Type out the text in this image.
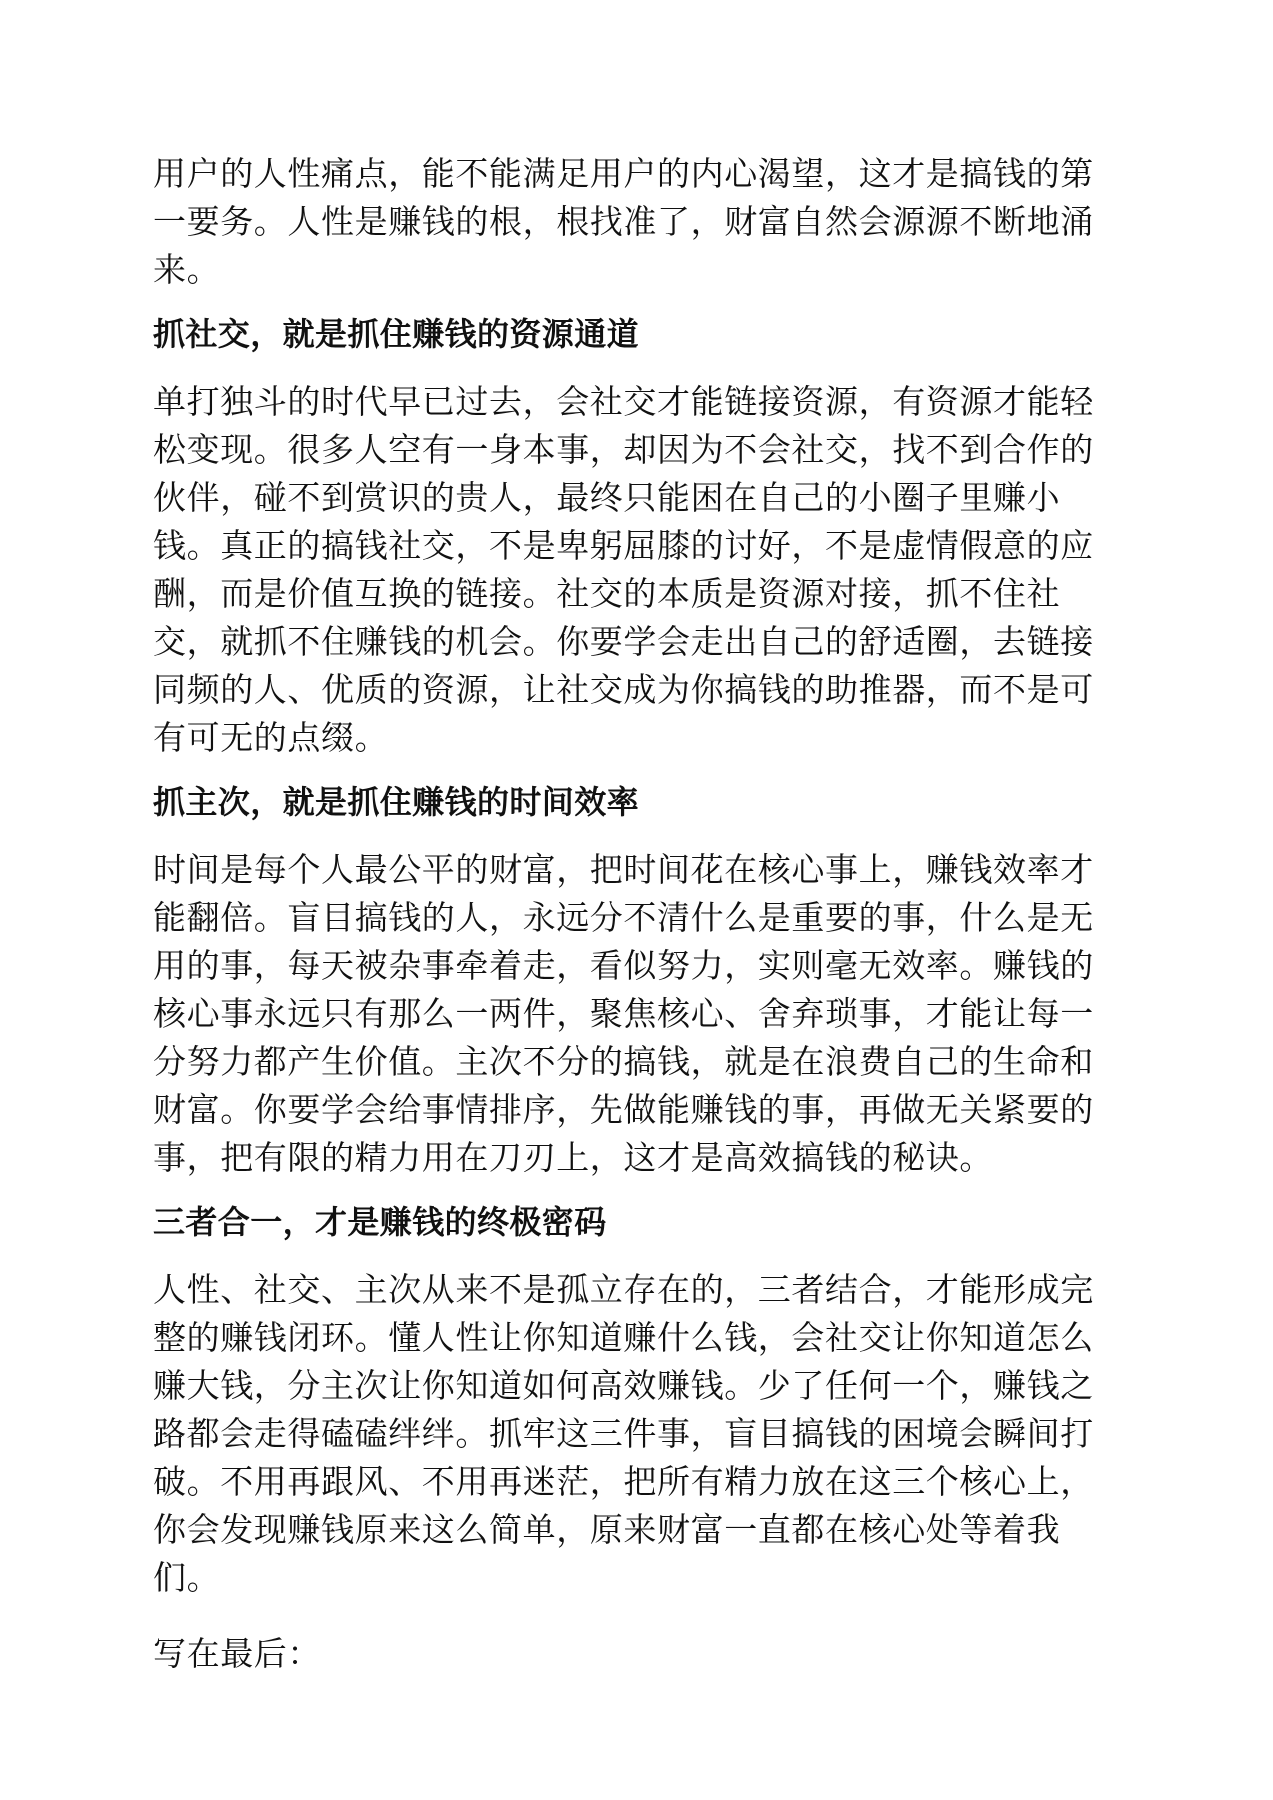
用户的人性痛点，能不能满足用户的内心渴望，这才是搞钱的第一要务。人性是赚钱的根，根找准了，财富自然会源源不断地涌来。

抓社交，就是抓住赚钱的资源通道

单打独斗的时代早已过去，会社交才能链接资源，有资源才能轻松变现。很多人空有一身本事，却因为不会社交，找不到合作的伙伴，碰不到赏识的贵人，最终只能困在自己的小圈子里赚小钱。真正的搞钱社交，不是卑躬屈膝的讨好，不是虚情假意的应酬，而是价值互换的链接。社交的本质是资源对接，抓不住社交，就抓不住赚钱的机会。你要学会走出自己的舒适圈，去链接同频的人、优质的资源，让社交成为你搞钱的助推器，而不是可有可无的点缀。

抓主次，就是抓住赚钱的时间效率

时间是每个人最公平的财富，把时间花在核心事上，赚钱效率才能翻倍。盲目搞钱的人，永远分不清什么是重要的事，什么是无用的事，每天被杂事牵着走，看似努力，实则毫无效率。赚钱的核心事永远只有那么一两件，聚焦核心、舍弃琐事，才能让每一分努力都产生价值。主次不分的搞钱，就是在浪费自己的生命和财富。你要学会给事情排序，先做能赚钱的事，再做无关紧要的事，把有限的精力用在刀刃上，这才是高效搞钱的秘诀。

三者合一，才是赚钱的终极密码

人性、社交、主次从来不是孤立存在的，三者结合，才能形成完整的赚钱闭环。懂人性让你知道赚什么钱，会社交让你知道怎么赚大钱，分主次让你知道如何高效赚钱。少了任何一个，赚钱之路都会走得磕磕绊绊。抓牢这三件事，盲目搞钱的困境会瞬间打破。不用再跟风、不用再迷茫，把所有精力放在这三个核心上，你会发现赚钱原来这么简单，原来财富一直都在核心处等着我们。

写在最后：
